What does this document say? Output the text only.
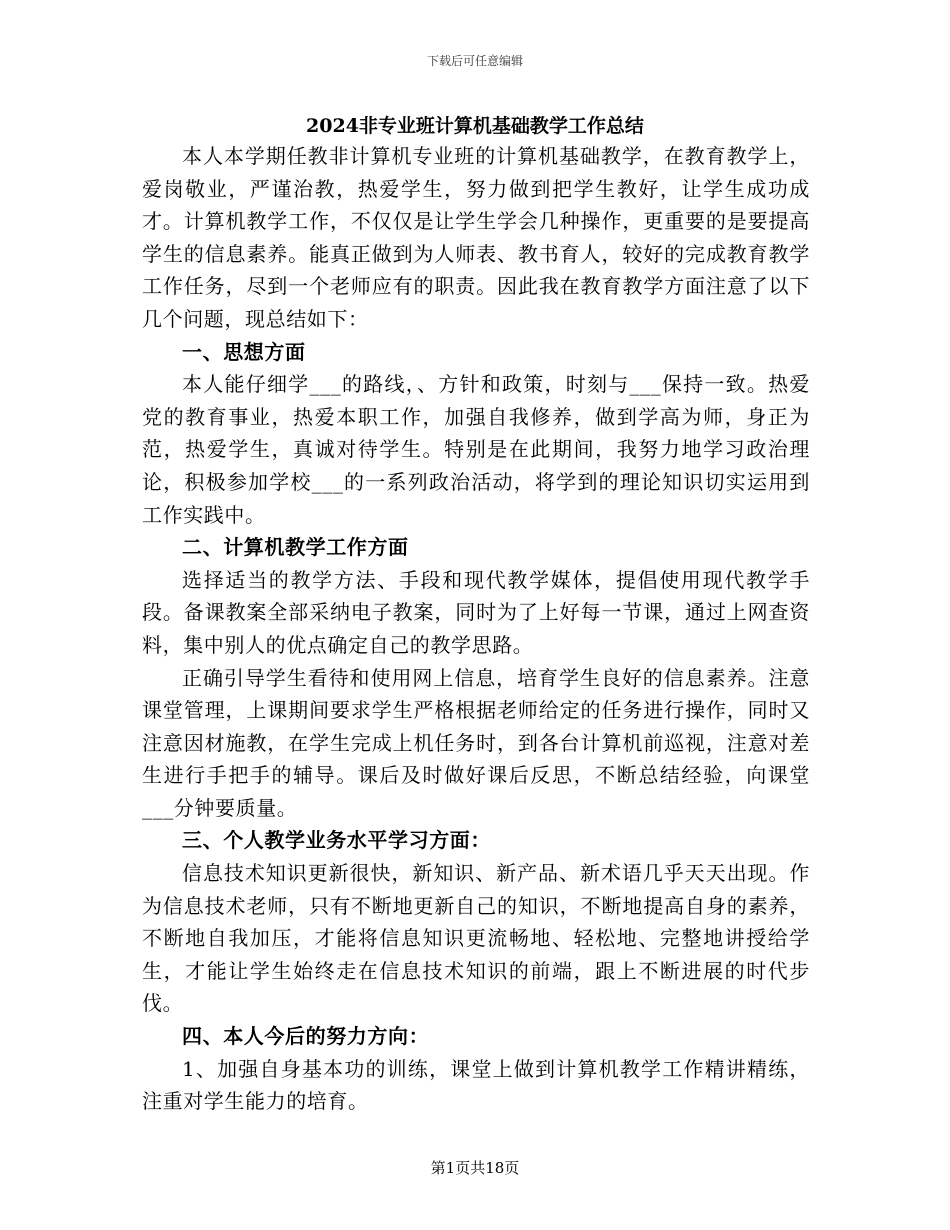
下载后可任意编辑
2024非专业班计算机基础教学工作总结

本人本学期任教非计算机专业班的计算机基础教学，在教育教学上，爱岗敬业，严谨治教，热爱学生，努力做到把学生教好，让学生成功成才。计算机教学工作，不仅仅是让学生学会几种操作，更重要的是要提高学生的信息素养。能真正做到为人师表、教书育人，较好的完成教育教学工作任务，尽到一个老师应有的职责。因此我在教育教学方面注意了以下几个问题，现总结如下：

一、思想方面

本人能仔细学___的路线，、方针和政策，时刻与___保持一致。热爱党的教育事业，热爱本职工作，加强自我修养，做到学高为师，身正为范，热爱学生，真诚对待学生。特别是在此期间，我努力地学习政治理论，积极参加学校___的一系列政治活动，将学到的理论知识切实运用到工作实践中。

二、计算机教学工作方面

选择适当的教学方法、手段和现代教学媒体，提倡使用现代教学手段。备课教案全部采纳电子教案，同时为了上好每一节课，通过上网查资料，集中别人的优点确定自己的教学思路。

正确引导学生看待和使用网上信息，培育学生良好的信息素养。注意课堂管理，上课期间要求学生严格根据老师给定的任务进行操作，同时又注意因材施教，在学生完成上机任务时，到各台计算机前巡视，注意对差生进行手把手的辅导。课后及时做好课后反思，不断总结经验，向课堂___分钟要质量。

三、个人教学业务水平学习方面：

信息技术知识更新很快，新知识、新产品、新术语几乎天天出现。作为信息技术老师，只有不断地更新自己的知识，不断地提高自身的素养，不断地自我加压，才能将信息知识更流畅地、轻松地、完整地讲授给学生，才能让学生始终走在信息技术知识的前端，跟上不断进展的时代步伐。

四、本人今后的努力方向：

1、加强自身基本功的训练，课堂上做到计算机教学工作精讲精练，注重对学生能力的培育。

第1页共18页
